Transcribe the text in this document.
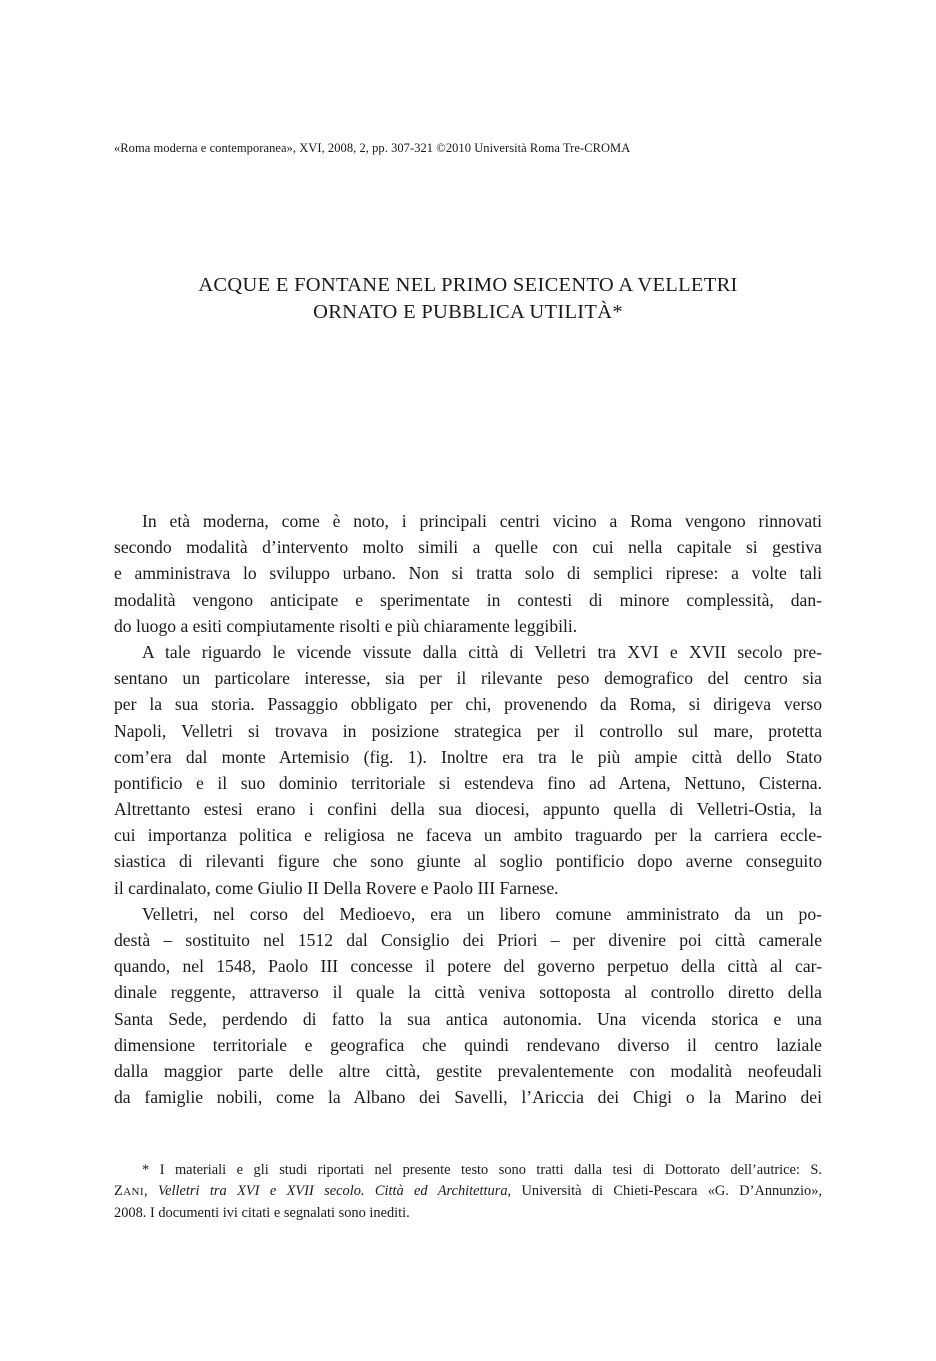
«Roma moderna e contemporanea», XVI, 2008, 2, pp. 307-321 ©2010 Università Roma Tre-CROMA
ACQUE E FONTANE NEL PRIMO SEICENTO A VELLETRI
ORNATO E PUBBLICA UTILITÀ*
In età moderna, come è noto, i principali centri vicino a Roma vengono rinnovati
secondo modalità d’intervento molto simili a quelle con cui nella capitale si gestiva
e amministrava lo sviluppo urbano. Non si tratta solo di semplici riprese: a volte tali
modalità vengono anticipate e sperimentate in contesti di minore complessità, dan-
do luogo a esiti compiutamente risolti e più chiaramente leggibili.
A tale riguardo le vicende vissute dalla città di Velletri tra XVI e XVII secolo pre-
sentano un particolare interesse, sia per il rilevante peso demografico del centro sia
per la sua storia. Passaggio obbligato per chi, provenendo da Roma, si dirigeva verso
Napoli, Velletri si trovava in posizione strategica per il controllo sul mare, protetta
com’era dal monte Artemisio (fig. 1). Inoltre era tra le più ampie città dello Stato
pontificio e il suo dominio territoriale si estendeva fino ad Artena, Nettuno, Cisterna.
Altrettanto estesi erano i confini della sua diocesi, appunto quella di Velletri-Ostia, la
cui importanza politica e religiosa ne faceva un ambito traguardo per la carriera eccle-
siastica di rilevanti figure che sono giunte al soglio pontificio dopo averne conseguito
il cardinalato, come Giulio II Della Rovere e Paolo III Farnese.
Velletri, nel corso del Medioevo, era un libero comune amministrato da un po-
destà – sostituito nel 1512 dal Consiglio dei Priori – per divenire poi città camerale
quando, nel 1548, Paolo III concesse il potere del governo perpetuo della città al car-
dinale reggente, attraverso il quale la città veniva sottoposta al controllo diretto della
Santa Sede, perdendo di fatto la sua antica autonomia. Una vicenda storica e una
dimensione territoriale e geografica che quindi rendevano diverso il centro laziale
dalla maggior parte delle altre città, gestite prevalentemente con modalità neofeudali
da famiglie nobili, come la Albano dei Savelli, l’Ariccia dei Chigi o la Marino dei
* I materiali e gli studi riportati nel presente testo sono tratti dalla tesi di Dottorato dell’autrice: S.
ZANI, Velletri tra XVI e XVII secolo. Città ed Architettura, Università di Chieti-Pescara «G. D’Annunzio»,
2008. I documenti ivi citati e segnalati sono inediti.
